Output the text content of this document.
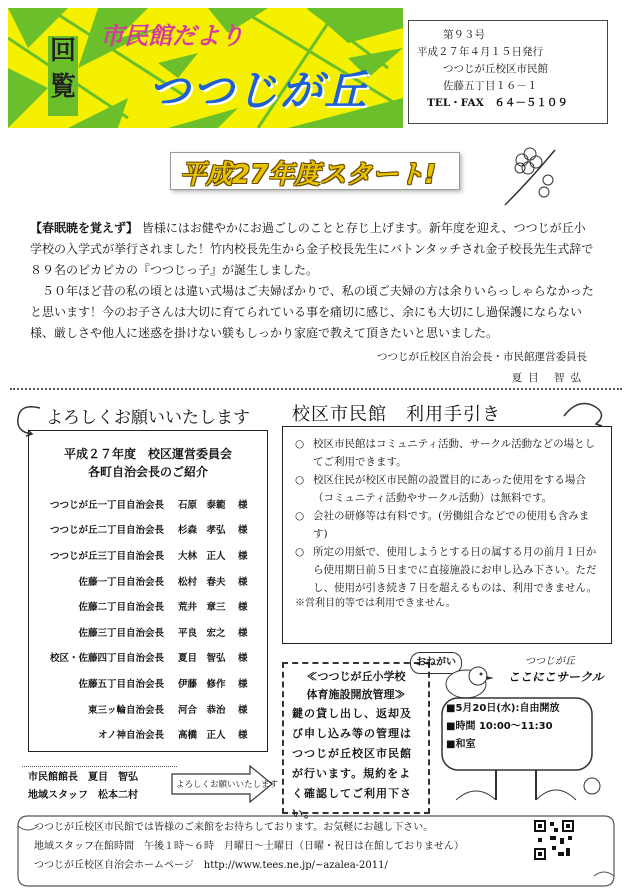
回
覧
市民館だより
つつじが丘
第９３号
平成２７年４月１５日発行
つつじが丘校区市民館
佐藤五丁目１６－１
TEL・FAX　６４－５１０９
平成27年度スタート!
【春眠暁を覚えず】 皆様にはお健やかにお過ごしのことと存じ上げます。新年度を迎え、つつじが丘小学校の入学式が挙行されました！竹内校長先生から金子校長先生にバトンタッチされ金子校長先生式辞で８９名のピカピカの『つつじっ子』が誕生しました。
５０年ほど昔の私の頃とは違い式場はご夫婦ばかりで、私の頃ご夫婦の方は余りいらっしゃらなかったと思います！今のお子さんは大切に育てられている事を痛切に感じ、余にも大切にし過保護にならない様、厳しさや他人に迷惑を掛けない躾もしっかり家庭で教えて頂きたいと思いました。
つつじが丘校区自治会長・市民館運営委員長
夏目 智弘
よろしくお願いいたします
平成２７年度　校区運営委員会
各町自治会長のご紹介
つつじが丘一丁目自治会長	石原　泰範	様
つつじが丘二丁目自治会長	杉森　孝弘	様
つつじが丘三丁目自治会長	大林　正人	様
佐藤一丁目自治会長	松村　春夫	様
佐藤二丁目自治会長	荒井　章三	様
佐藤三丁目自治会長	平良　宏之	様
校区・佐藤四丁目自治会長	夏目　智弘	様
佐藤五丁目自治会長	伊藤　修作	様
東三ッ輪自治会長	河合　恭治	様
オノ神自治会長	高橋　正人	様
校区市民館　利用手引き
○ 校区市民館はコミュニティ活動、サークル活動などの場としてご利用できます。
○ 校区住民が校区市民館の設置目的にあった使用をする場合（コミュニティ活動やサークル活動）は無料です。
○ 会社の研修等は有料です。(労働組合などでの使用も含みます)
○ 所定の用紙で、使用しようとする日の属する月の前月１日から使用期日前５日までに直接施設にお申し込み下さい。ただし、使用が引き続き７日を超えるものは、利用できません。
※営利目的等では利用できません。
≪つつじが丘小学校
体育施設開放管理≫
鍵の貸し出し、返却及び申し込み等の管理はつつじが丘校区市民館が行います。規約をよく確認してご利用下さい。
おねがい	つつじが丘
ここにこサークル
■5月20日(水):自由開放
■時間 10:00～11:30
■和室
市民館館長　夏目　智弘
地域スタッフ　松本二村
よろしくお願いいたします
つつじが丘校区市民館では皆様のご来館をお待ちしております。お気軽にお越し下さい。
地域スタッフ在館時間　午後１時～６時　月曜日～土曜日（日曜・祝日は在館しておりません）
つつじが丘校区自治会ホームページ　http://www.tees.ne.jp/~azalea-2011/
